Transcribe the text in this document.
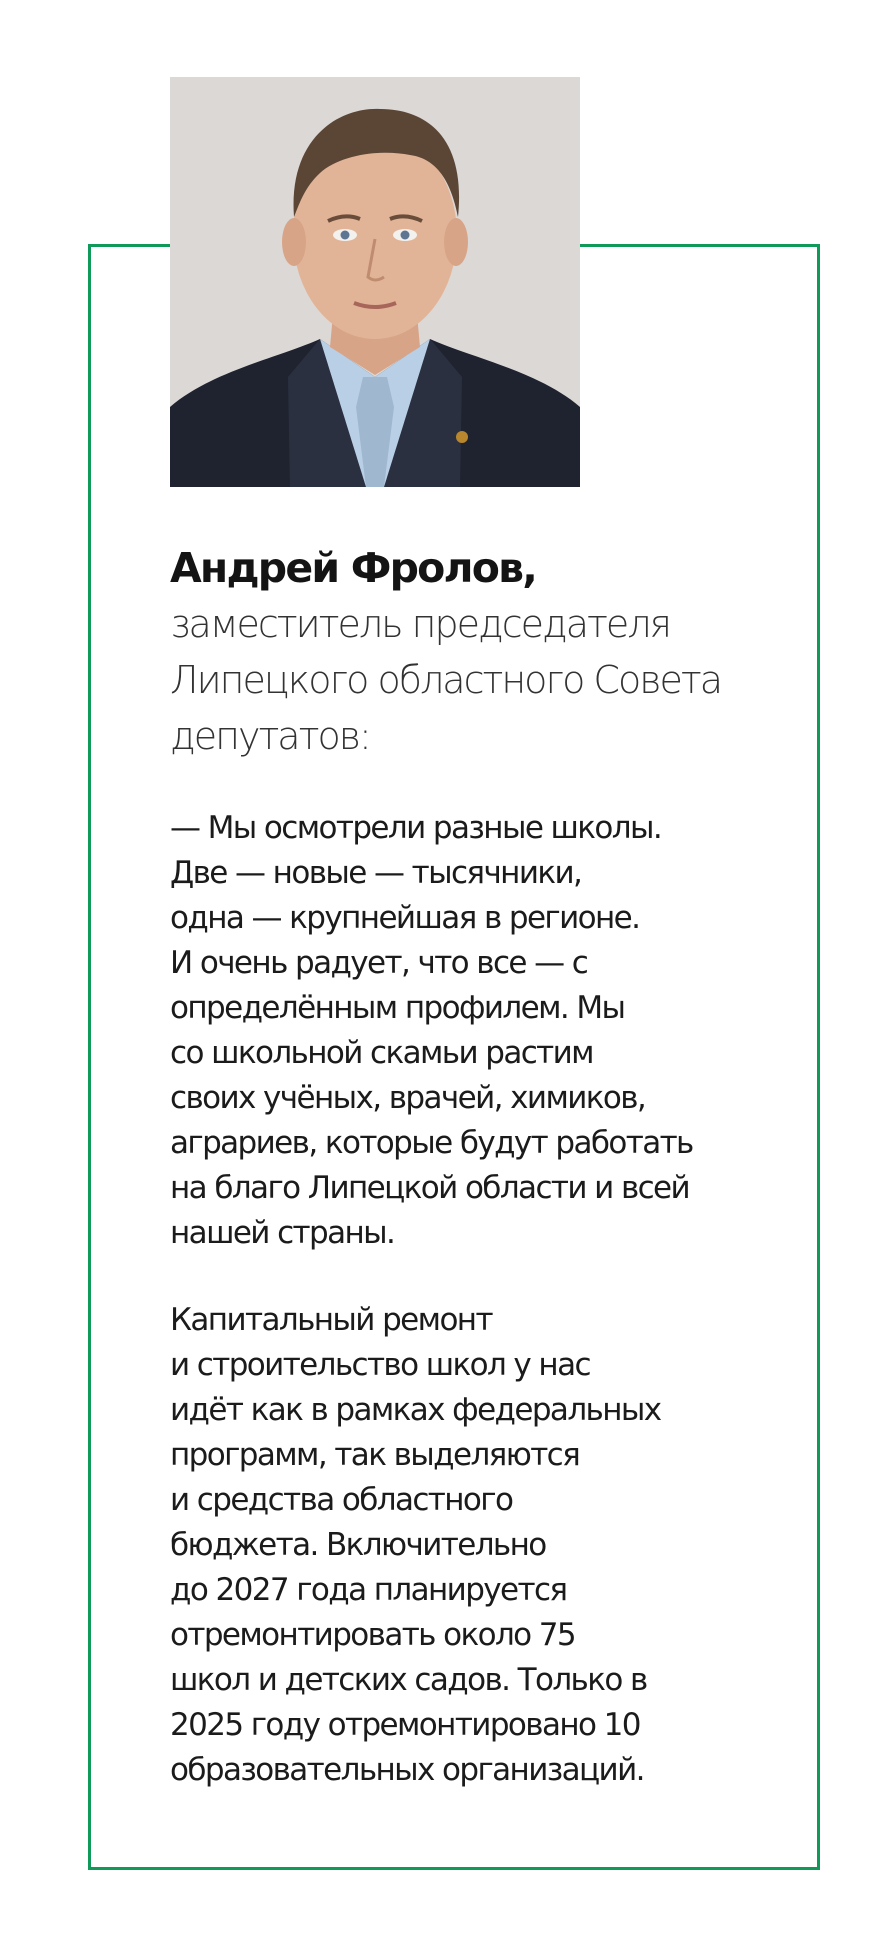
Андрей Фролов,
заместитель председателя
Липецкого областного Совета
депутатов:
— Мы осмотрели разные школы.
Две — новые — тысячники,
одна — крупнейшая в регионе.
И очень радует, что все — с
определённым профилем. Мы
со школьной скамьи растим
своих учёных, врачей, химиков,
аграриев, которые будут работать
на благо Липецкой области и всей
нашей страны.
Капитальный ремонт
и строительство школ у нас
идёт как в рамках федеральных
программ, так выделяются
и средства областного
бюджета. Включительно
до 2027 года планируется
отремонтировать около 75
школ и детских садов. Только в
2025 году отремонтировано 10
образовательных организаций.
